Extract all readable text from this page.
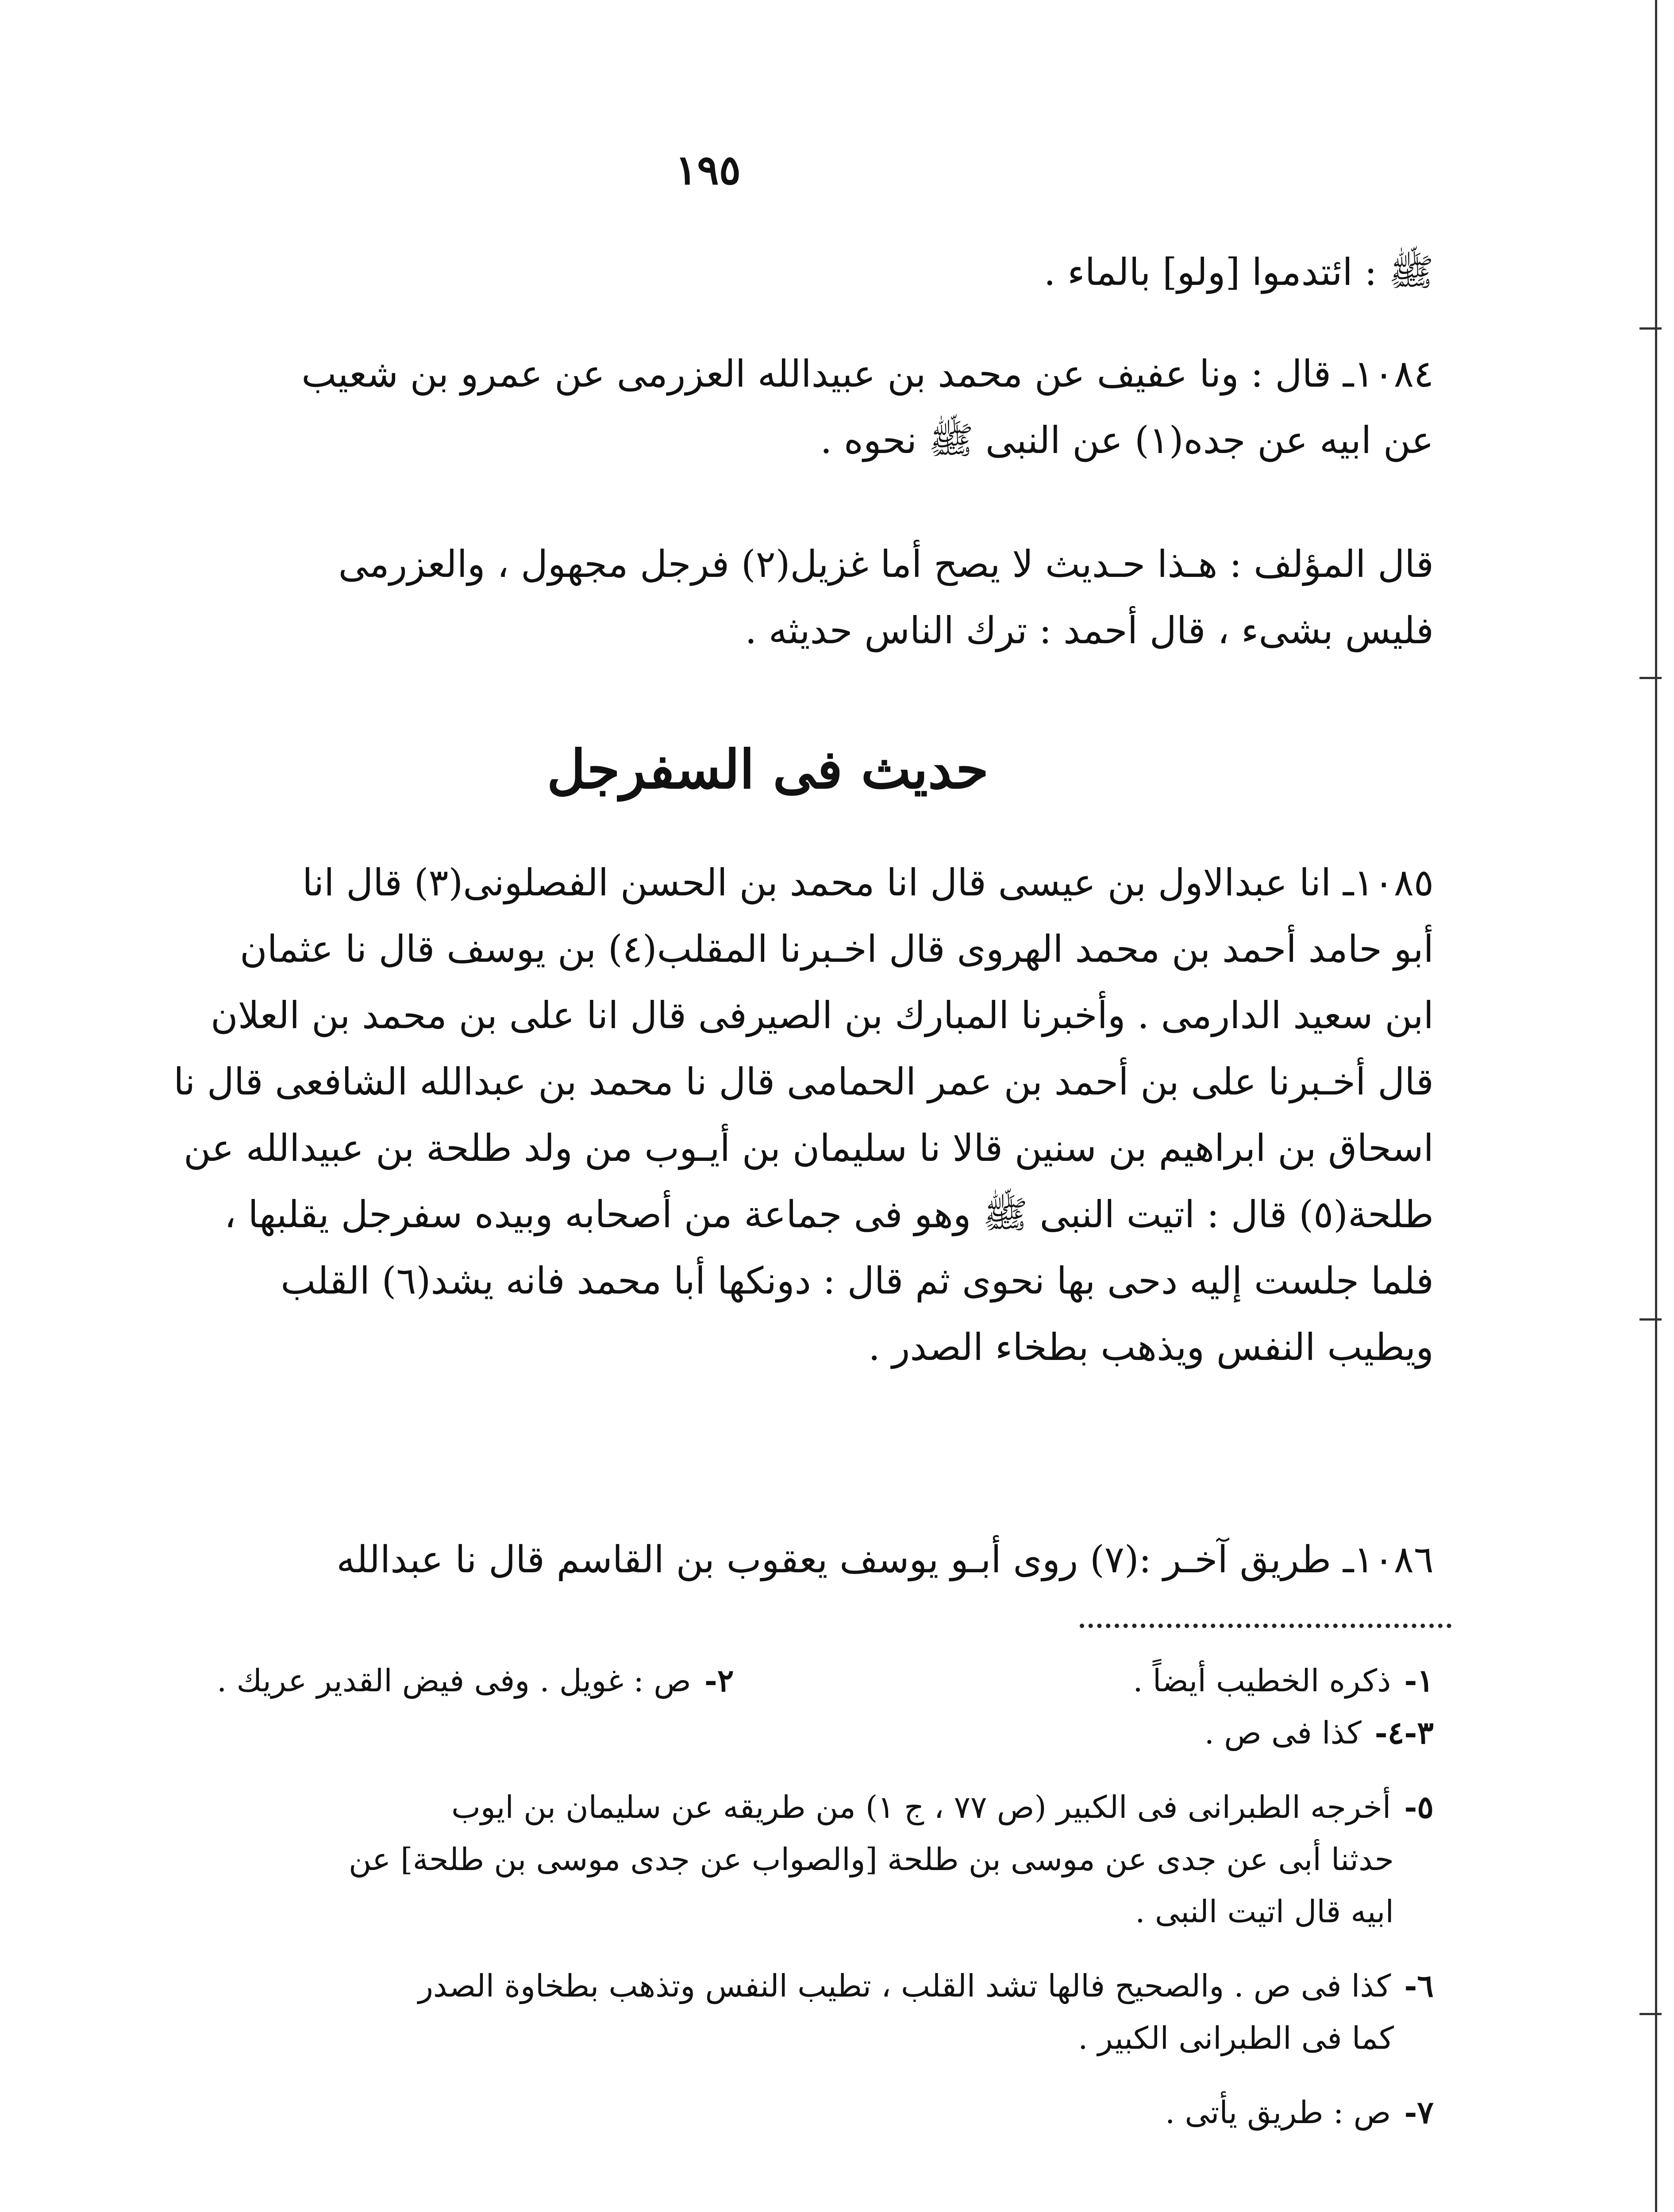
١٩٥
ﷺ : ائتدموا [ولو] بالماء .
١٠٨٤ـ قال : ونا عفيف عن محمد بن عبيدالله العزرمى عن عمرو بن شعيب
عن ابيه عن جده(١) عن النبى ﷺ نحوه .
قال المؤلف : هـذا حـديث لا يصح أما غزيل(٢) فرجل مجهول ، والعزرمى
فليس بشىء ، قال أحمد : ترك الناس حديثه .
حديث فى السفرجل
١٠٨٥ـ انا عبدالاول بن عيسى قال انا محمد بن الحسن الفصلونى(٣) قال انا
أبو حامد أحمد بن محمد الهروى قال اخـبرنا المقلب(٤) بن يوسف قال نا عثمان
ابن سعيد الدارمى . وأخبرنا المبارك بن الصيرفى قال انا على بن محمد بن العلان
قال أخـبرنا على بن أحمد بن عمر الحمامى قال نا محمد بن عبدالله الشافعى قال نا
اسحاق بن ابراهيم بن سنين قالا نا سليمان بن أيـوب من ولد طلحة بن عبيدالله عن
طلحة(٥) قال : اتيت النبى ﷺ وهو فى جماعة من أصحابه وبيده سفرجل يقلبها ،
فلما جلست إليه دحى بها نحوى ثم قال : دونكها أبا محمد فانه يشد(٦) القلب
ويطيب النفس ويذهب بطخاء الصدر .
١٠٨٦ـ طريق آخـر :(٧) روى أبـو يوسف يعقوب بن القاسم قال نا عبدالله
١-ذكره الخطيب أيضاً .
٢-ص : غويل . وفى فيض القدير عريك .
٣-٤-كذا فى ص .
٥-أخرجه الطبرانى فى الكبير (ص ٧٧ ، ج ١) من طريقه عن سليمان بن ايوب
حدثنا أبى عن جدى عن موسى بن طلحة [والصواب عن جدى موسى بن طلحة] عن
ابيه قال اتيت النبى .
٦-كذا فى ص . والصحيح فالها تشد القلب ، تطيب النفس وتذهب بطخاوة الصدر
كما فى الطبرانى الكبير .
٧-ص : طريق يأتى .
